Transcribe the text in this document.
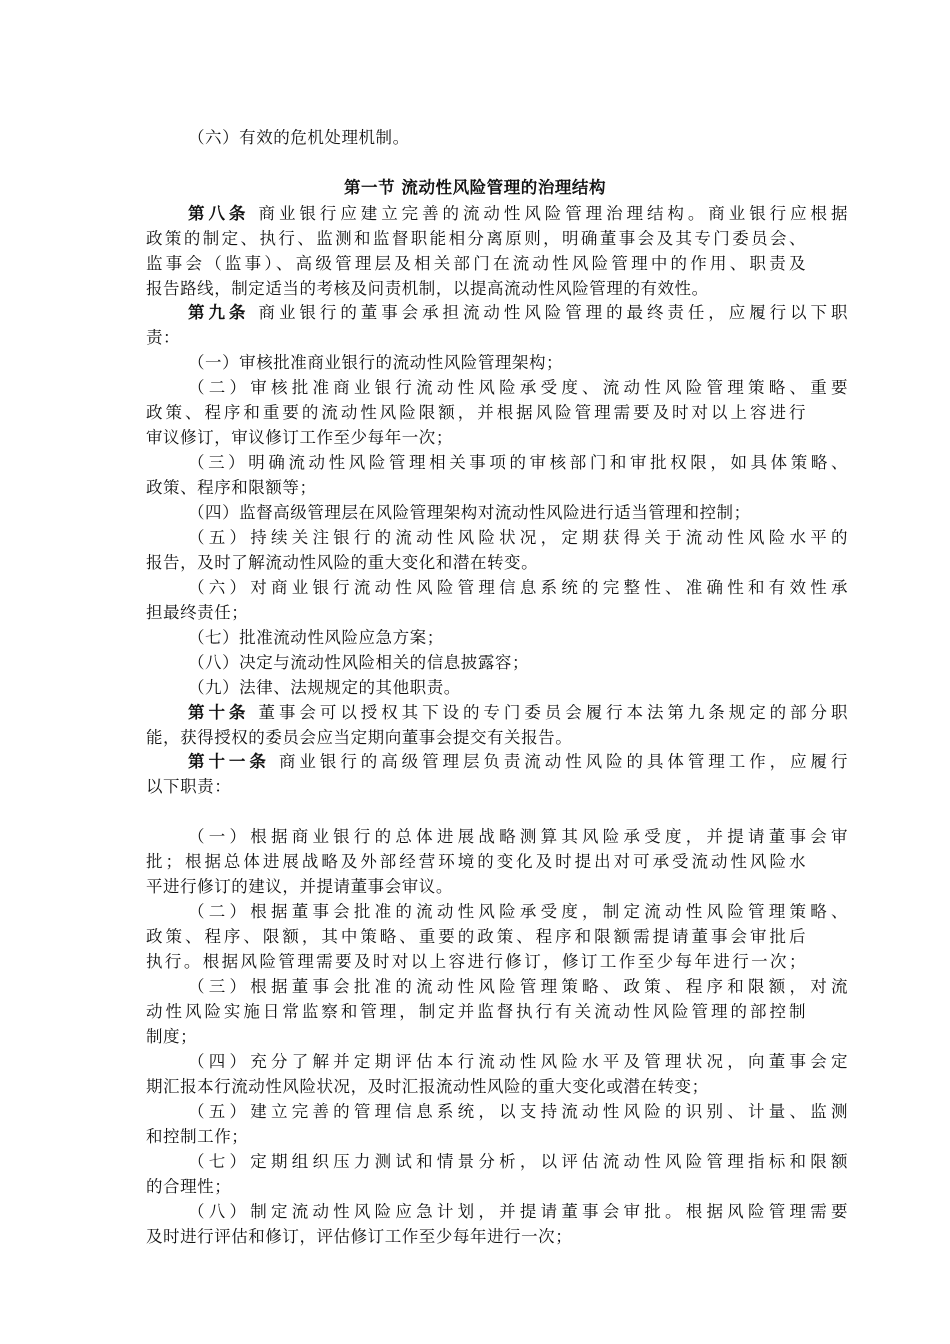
（六）有效的危机处理机制。
第一节 流动性风险管理的治理结构
第八条 商业银行应建立完善的流动性风险管理治理结构。商业银行应根据
政策的制定、执行、监测和监督职能相分离原则，明确董事会及其专门委员会、
监事会（监事）、高级管理层及相关部门在流动性风险管理中的作用、职责及
报告路线，制定适当的考核及问责机制，以提高流动性风险管理的有效性。
第九条 商业银行的董事会承担流动性风险管理的最终责任，应履行以下职
责：
（一）审核批准商业银行的流动性风险管理架构；
（二）审核批准商业银行流动性风险承受度、流动性风险管理策略、重要
政策、程序和重要的流动性风险限额，并根据风险管理需要及时对以上容进行
审议修订，审议修订工作至少每年一次；
（三）明确流动性风险管理相关事项的审核部门和审批权限，如具体策略、
政策、程序和限额等；
（四）监督高级管理层在风险管理架构对流动性风险进行适当管理和控制；
（五）持续关注银行的流动性风险状况，定期获得关于流动性风险水平的
报告，及时了解流动性风险的重大变化和潜在转变。
（六）对商业银行流动性风险管理信息系统的完整性、准确性和有效性承
担最终责任；
（七）批准流动性风险应急方案；
（八）决定与流动性风险相关的信息披露容；
（九）法律、法规规定的其他职责。
第十条 董事会可以授权其下设的专门委员会履行本法第九条规定的部分职
能，获得授权的委员会应当定期向董事会提交有关报告。
第十一条 商业银行的高级管理层负责流动性风险的具体管理工作，应履行
以下职责：
（一）根据商业银行的总体进展战略测算其风险承受度，并提请董事会审
批；根据总体进展战略及外部经营环境的变化及时提出对可承受流动性风险水
平进行修订的建议，并提请董事会审议。
（二）根据董事会批准的流动性风险承受度，制定流动性风险管理策略、
政策、程序、限额，其中策略、重要的政策、程序和限额需提请董事会审批后
执行。根据风险管理需要及时对以上容进行修订，修订工作至少每年进行一次；
（三）根据董事会批准的流动性风险管理策略、政策、程序和限额，对流
动性风险实施日常监察和管理，制定并监督执行有关流动性风险管理的部控制
制度；
（四）充分了解并定期评估本行流动性风险水平及管理状况，向董事会定
期汇报本行流动性风险状况，及时汇报流动性风险的重大变化或潜在转变；
（五）建立完善的管理信息系统，以支持流动性风险的识别、计量、监测
和控制工作；
（七）定期组织压力测试和情景分析，以评估流动性风险管理指标和限额
的合理性；
（八）制定流动性风险应急计划，并提请董事会审批。根据风险管理需要
及时进行评估和修订，评估修订工作至少每年进行一次；
